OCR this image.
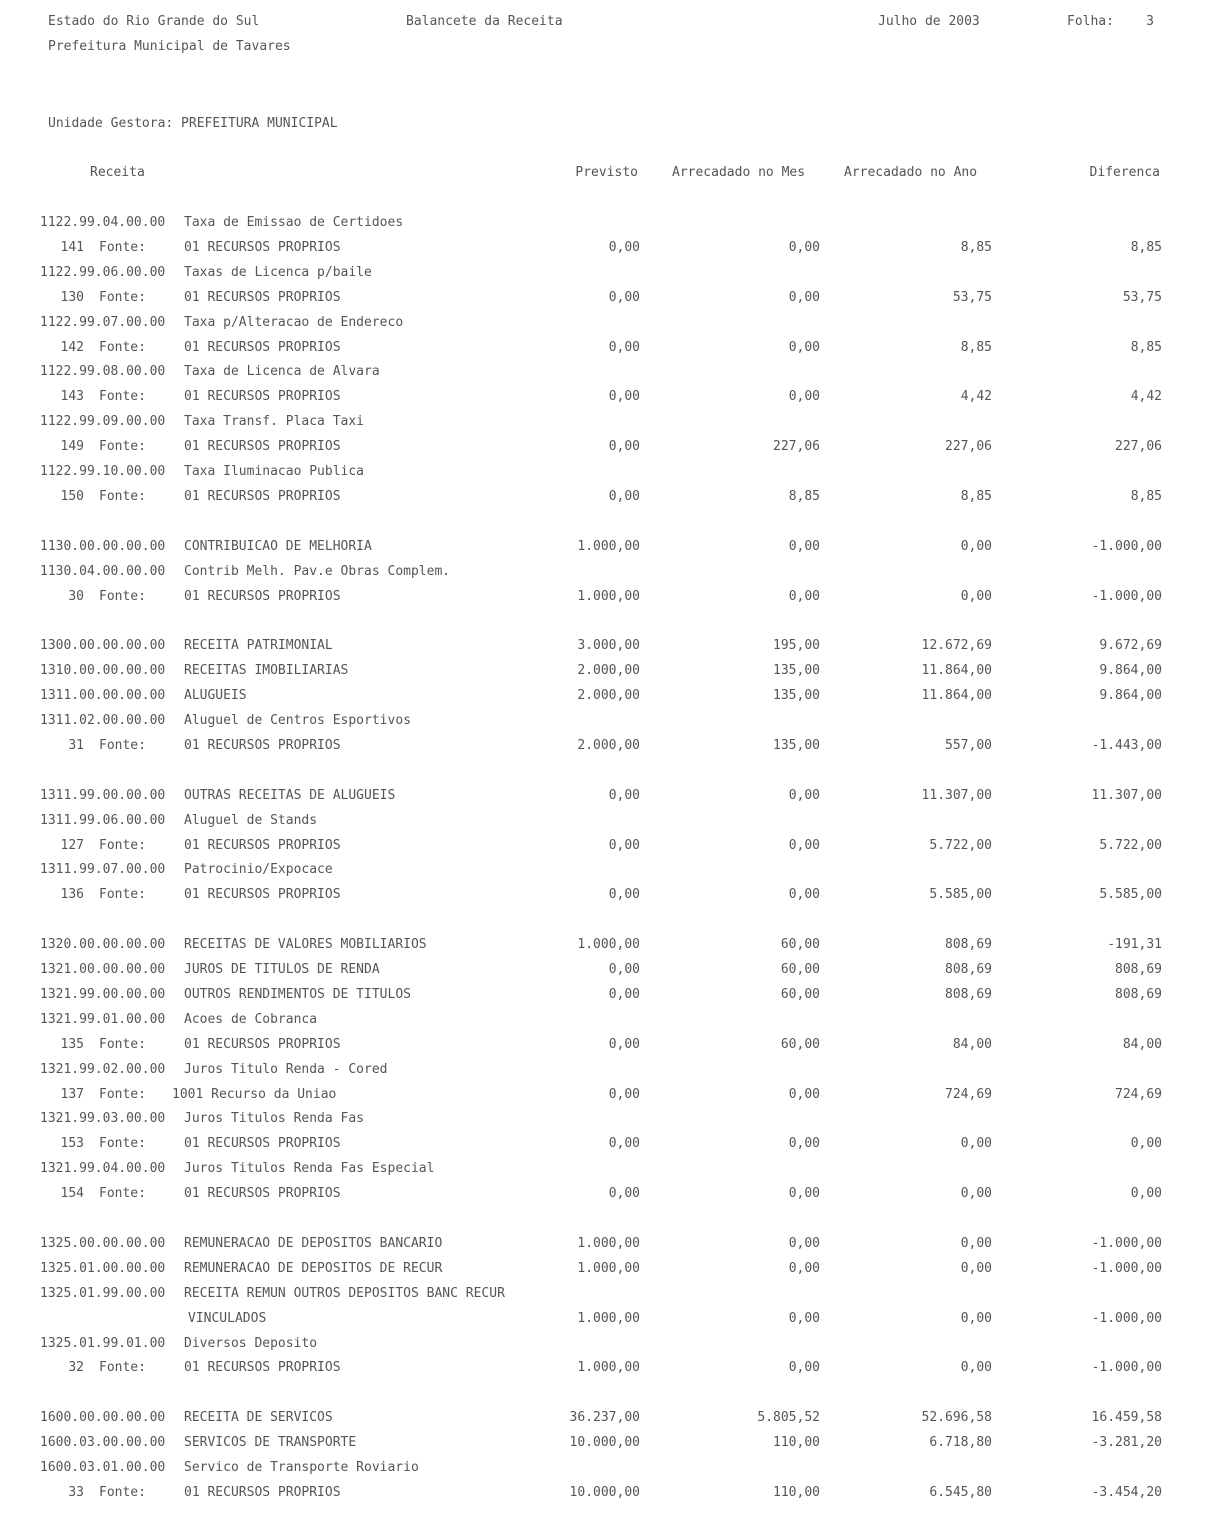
Estado do Rio Grande do Sul
Prefeitura Municipal de Tavares
Balancete da Receita	Julho de 2003	Folha: 3
Unidade Gestora: PREFEITURA MUNICIPAL
Receita	Previsto	Arrecadado no Mes	Arrecadado no Ano	Diferenca
1122.99.04.00.00 Taxa de Emissao de Certidoes
141 Fonte:	01 RECURSOS PROPRIOS	0,00	0,00	8,85	8,85
1122.99.06.00.00 Taxas de Licenca p/baile
130 Fonte:	01 RECURSOS PROPRIOS	0,00	0,00	53,75	53,75
1122.99.07.00.00 Taxa p/Alteracao de Endereco
142 Fonte:	01 RECURSOS PROPRIOS	0,00	0,00	8,85	8,85
1122.99.08.00.00 Taxa de Licenca de Alvara
143 Fonte:	01 RECURSOS PROPRIOS	0,00	0,00	4,42	4,42
1122.99.09.00.00 Taxa Transf. Placa Taxi
149 Fonte:	01 RECURSOS PROPRIOS	0,00	227,06	227,06	227,06
1122.99.10.00.00 Taxa Iluminacao Publica
150 Fonte:	01 RECURSOS PROPRIOS	0,00	8,85	8,85	8,85
1130.00.00.00.00 CONTRIBUICAO DE MELHORIA	1.000,00	0,00	0,00	-1.000,00
1130.04.00.00.00 Contrib Melh. Pav.e Obras Complem.
30 Fonte:	01 RECURSOS PROPRIOS	1.000,00	0,00	0,00	-1.000,00
1300.00.00.00.00 RECEITA PATRIMONIAL	3.000,00	195,00	12.672,69	9.672,69
1310.00.00.00.00 RECEITAS IMOBILIARIAS	2.000,00	135,00	11.864,00	9.864,00
1311.00.00.00.00 ALUGUEIS	2.000,00	135,00	11.864,00	9.864,00
1311.02.00.00.00 Aluguel de Centros Esportivos
31 Fonte:	01 RECURSOS PROPRIOS	2.000,00	135,00	557,00	-1.443,00
1311.99.00.00.00 OUTRAS RECEITAS DE ALUGUEIS	0,00	0,00	11.307,00	11.307,00
1311.99.06.00.00 Aluguel de Stands
127 Fonte:	01 RECURSOS PROPRIOS	0,00	0,00	5.722,00	5.722,00
1311.99.07.00.00 Patrocinio/Expocace
136 Fonte:	01 RECURSOS PROPRIOS	0,00	0,00	5.585,00	5.585,00
1320.00.00.00.00 RECEITAS DE VALORES MOBILIARIOS	1.000,00	60,00	808,69	-191,31
1321.00.00.00.00 JUROS DE TITULOS DE RENDA	0,00	60,00	808,69	808,69
1321.99.00.00.00 OUTROS RENDIMENTOS DE TITULOS	0,00	60,00	808,69	808,69
1321.99.01.00.00 Acoes de Cobranca
135 Fonte:	01 RECURSOS PROPRIOS	0,00	60,00	84,00	84,00
1321.99.02.00.00 Juros Titulo Renda - Cored
137 Fonte: 1001 Recurso da Uniao	0,00	0,00	724,69	724,69
1321.99.03.00.00 Juros Titulos Renda Fas
153 Fonte:	01 RECURSOS PROPRIOS	0,00	0,00	0,00	0,00
1321.99.04.00.00 Juros Titulos Renda Fas Especial
154 Fonte:	01 RECURSOS PROPRIOS	0,00	0,00	0,00	0,00
1325.00.00.00.00 REMUNERACAO DE DEPOSITOS BANCARIO	1.000,00	0,00	0,00	-1.000,00
1325.01.00.00.00 REMUNERACAO DE DEPOSITOS DE RECUR	1.000,00	0,00	0,00	-1.000,00
1325.01.99.00.00 RECEITA REMUN OUTROS DEPOSITOS BANC RECUR
VINCULADOS	1.000,00	0,00	0,00	-1.000,00
1325.01.99.01.00 Diversos Deposito
32 Fonte:	01 RECURSOS PROPRIOS	1.000,00	0,00	0,00	-1.000,00
1600.00.00.00.00 RECEITA DE SERVICOS	36.237,00	5.805,52	52.696,58	16.459,58
1600.03.00.00.00 SERVICOS DE TRANSPORTE	10.000,00	110,00	6.718,80	-3.281,20
1600.03.01.00.00 Servico de Transporte Roviario
33 Fonte:	01 RECURSOS PROPRIOS	10.000,00	110,00	6.545,80	-3.454,20
